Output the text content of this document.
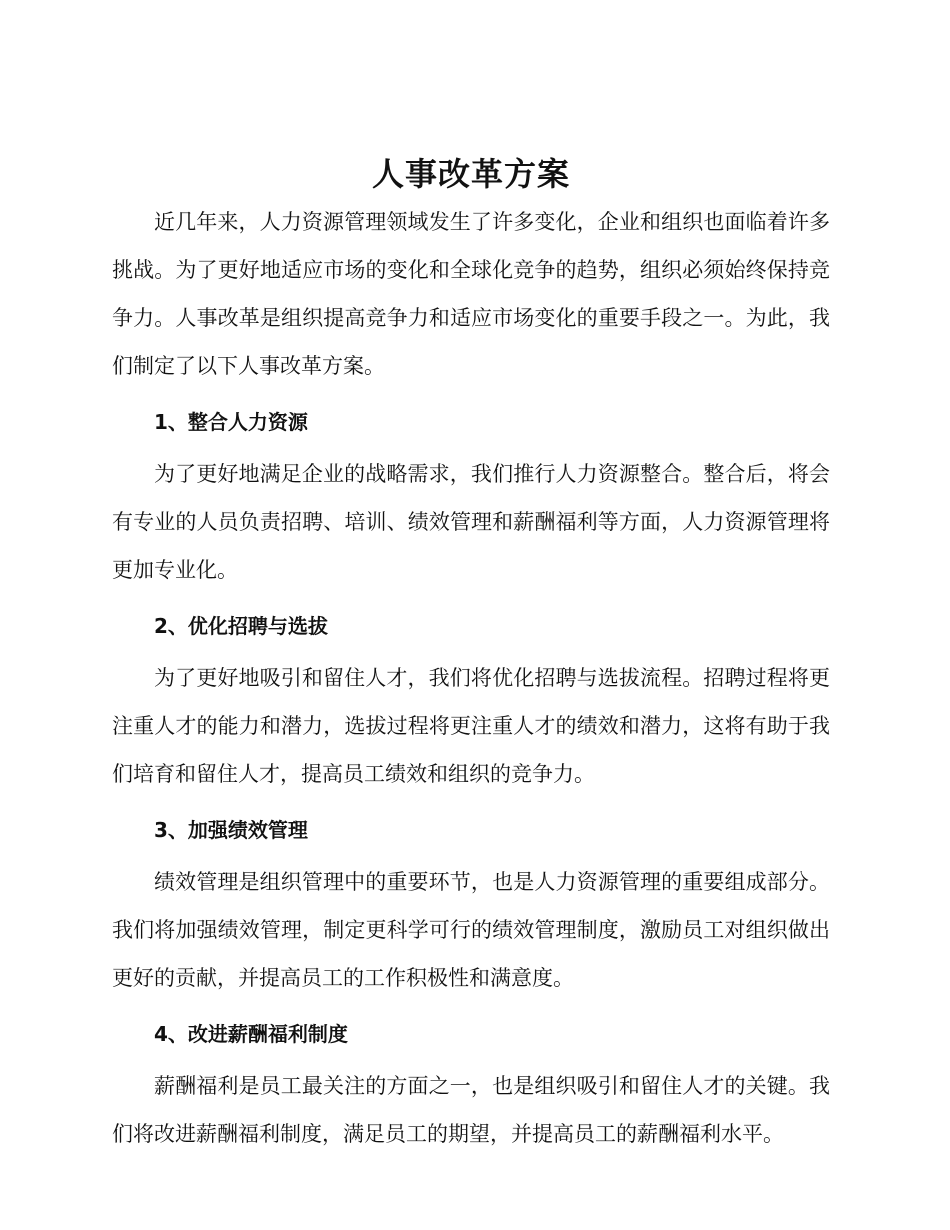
人事改革方案

近几年来，人力资源管理领域发生了许多变化，企业和组织也面临着许多挑战。为了更好地适应市场的变化和全球化竞争的趋势，组织必须始终保持竞争力。人事改革是组织提高竞争力和适应市场变化的重要手段之一。为此，我们制定了以下人事改革方案。

1、整合人力资源

为了更好地满足企业的战略需求，我们推行人力资源整合。整合后，将会有专业的人员负责招聘、培训、绩效管理和薪酬福利等方面，人力资源管理将更加专业化。

2、优化招聘与选拔

为了更好地吸引和留住人才，我们将优化招聘与选拔流程。招聘过程将更注重人才的能力和潜力，选拔过程将更注重人才的绩效和潜力，这将有助于我们培育和留住人才，提高员工绩效和组织的竞争力。

3、加强绩效管理

绩效管理是组织管理中的重要环节，也是人力资源管理的重要组成部分。我们将加强绩效管理，制定更科学可行的绩效管理制度，激励员工对组织做出更好的贡献，并提高员工的工作积极性和满意度。

4、改进薪酬福利制度

薪酬福利是员工最关注的方面之一，也是组织吸引和留住人才的关键。我们将改进薪酬福利制度，满足员工的期望，并提高员工的薪酬福利水平。
